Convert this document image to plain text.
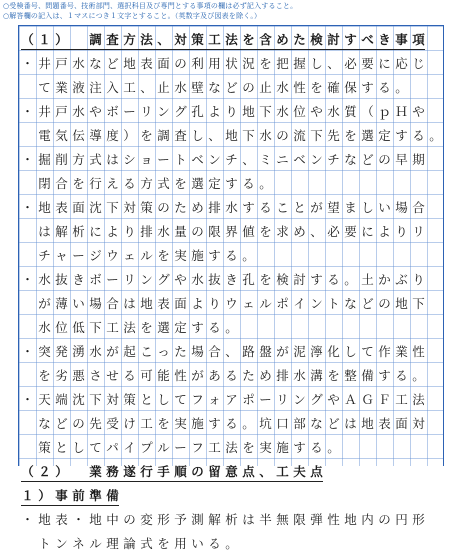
○受検番号、問題番号、技術部門、選択科目及び専門とする事項の欄は必ず記入すること。
○解答欄の記入は、１マスにつき１文字とすること。（英数字及び図表を除く。）
（ １ ）
　 調 査 方 法 、 対 策 工 法 を 含 め た 検 討 す べ き 事 項
・ 井 戸 水 な ど 地 表 面 の 利 用 状 況 を 把 握 し 、 必 要 に 応 じ

て 業 液 注 入 工 、 止 水 壁 な ど の 止 水 性 を 確 保 す る 。
・ 井 戸 水 や ボ ー リ ン グ 孔 よ り 地 下 水 位 や 水 質 （ ｐ Ｈ や

電 気 伝 導 度 ） を 調 査 し 、 地 下 水 の 流 下 先 を 選 定 す る 。
・ 掘 削 方 式 は シ ョ ー ト ベ ン チ 、 ミ ニ ベ ン チ な ど の 早 期

閉 合 を 行 え る 方 式 を 選 定 す る 。
・ 地 表 面 沈 下 対 策 の た め 排 水 す る こ と が 望 ま し い 場 合

は 解 析 に よ り 排 水 量 の 限 界 値 を 求 め 、 必 要 に よ り リ

チ ャ ー ジ ウ ェ ル を 実 施 す る 。
・ 水 抜 き ボ ー リ ン グ や 水 抜 き 孔 を 検 討 す る 。 土 か ぶ り

が 薄 い 場 合 は 地 表 面 よ り ウ ェ ル ポ イ ン ト な ど の 地 下

水 位 低 下 工 法 を 選 定 す る 。
・ 突 発 湧 水 が 起 こ っ た 場 合 、 路 盤 が 泥 濘 化 し て 作 業 性

を 劣 悪 さ せ る 可 能 性 が あ る た め 排 水 溝 を 整 備 す る 。
・ 天 端 沈 下 対 策 と し て フ ォ ア ポ ー リ ン グ や Ａ Ｇ Ｆ 工 法

な ど の 先 受 け 工 を 実 施 す る 。 坑 口 部 な ど は 地 表 面 対

策 と し て パ イ プ ル ー フ 工 法 を 実 施 す る 。
（ ２ ）
　 業 務 遂 行 手 順 の 留 意 点 、 工 夫 点
１ ） 事 前 準 備
・ 地 表 ・ 地 中 の 変 形 予 測 解 析 は 半 無 限 弾 性 地 内 の 円 形

ト ン ネ ル 理 論 式 を 用 い る 。
